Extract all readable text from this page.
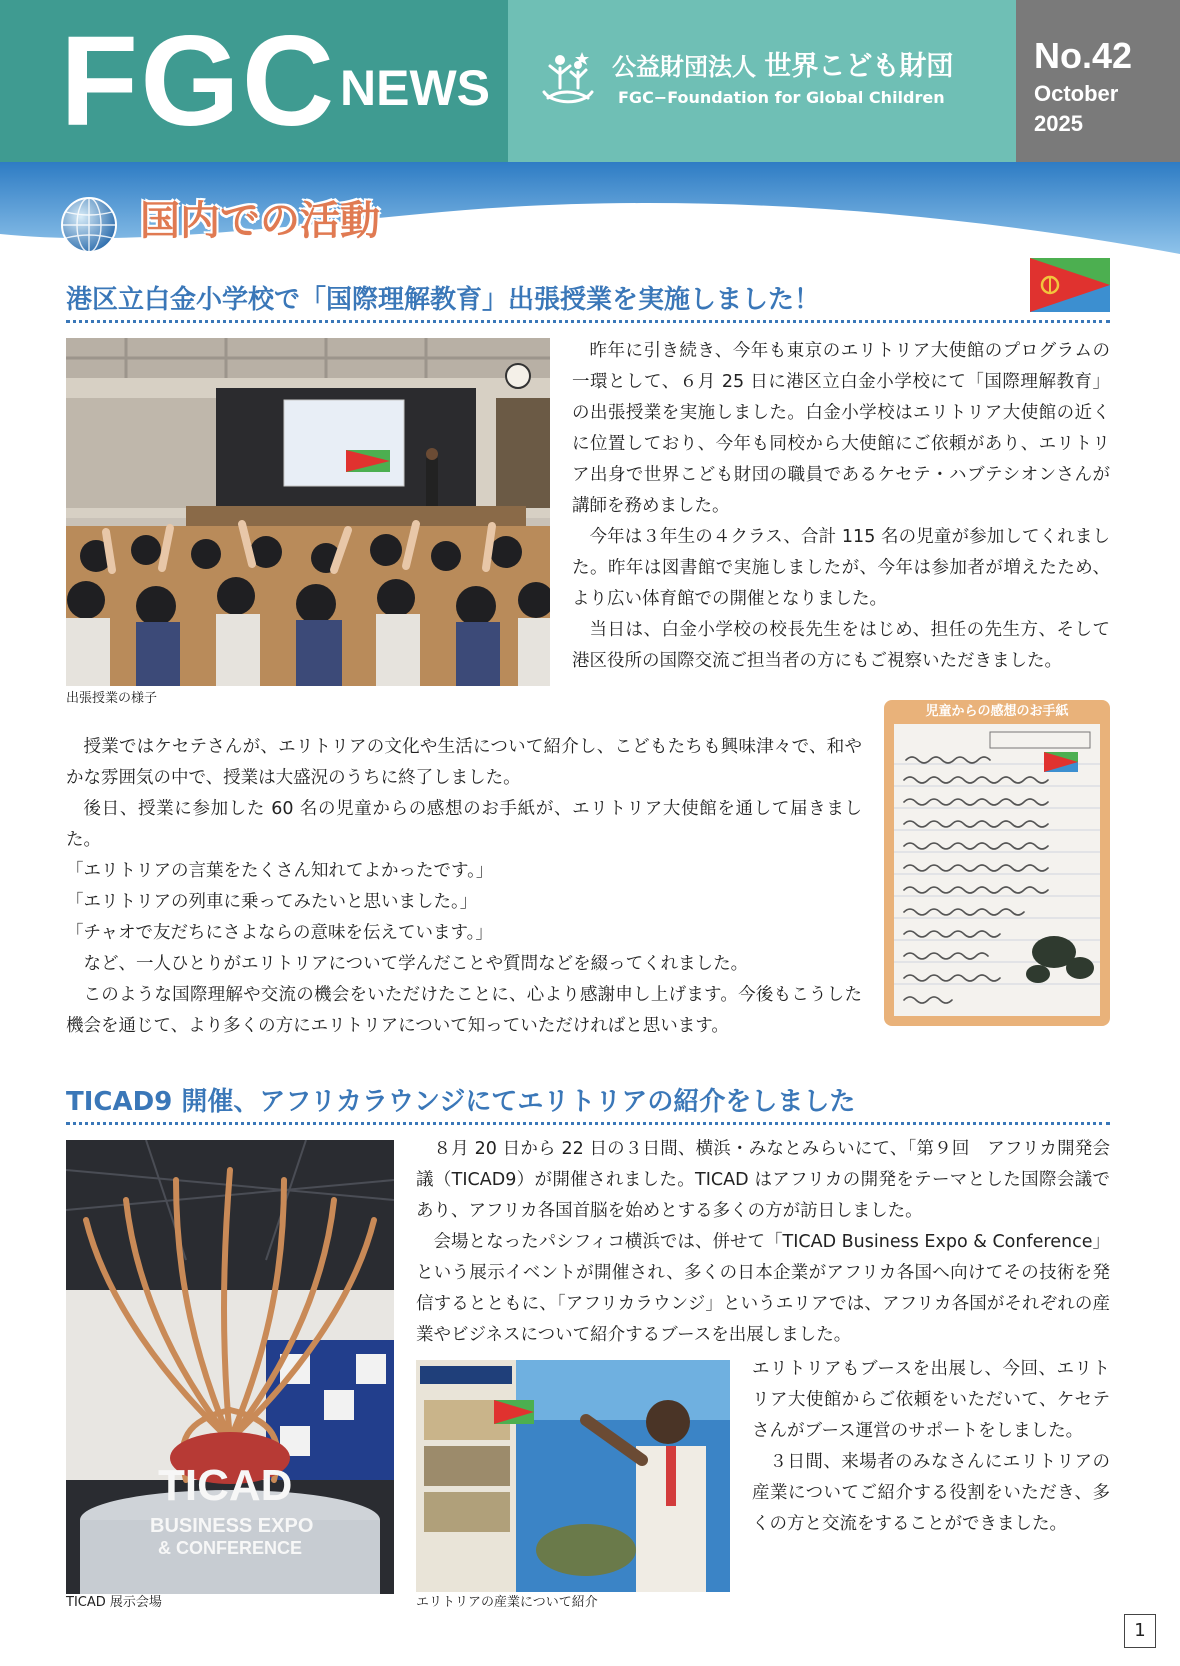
FGC NEWS	公益財団法人 世界こども財団
FGC−Foundation for Global Children
No.42
October
2025
国内での活動
港区立白金小学校で「国際理解教育」出張授業を実施しました！
出張授業の様子

昨年に引き続き、今年も東京のエリトリア大使館のプログラムの一環として、６月 25 日に港区立白金小学校にて「国際理解教育」の出張授業を実施しました。白金小学校はエリトリア大使館の近くに位置しており、今年も同校から大使館にご依頼があり、エリトリア出身で世界こども財団の職員であるケセテ・ハブテシオンさんが講師を務めました。

今年は３年生の４クラス、合計 115 名の児童が参加してくれました。昨年は図書館で実施しましたが、今年は参加者が増えたため、より広い体育館での開催となりました。

当日は、白金小学校の校長先生をはじめ、担任の先生方、そして港区役所の国際交流ご担当者の方にもご視察いただきました。

授業ではケセテさんが、エリトリアの文化や生活について紹介し、こどもたちも興味津々で、和やかな雰囲気の中で、授業は大盛況のうちに終了しました。

後日、授業に参加した 60 名の児童からの感想のお手紙が、エリトリア大使館を通して届きました。

「エリトリアの言葉をたくさん知れてよかったです。」

「エリトリアの列車に乗ってみたいと思いました。」

「チャオで友だちにさよならの意味を伝えています。」

など、一人ひとりがエリトリアについて学んだことや質問などを綴ってくれました。

このような国際理解や交流の機会をいただけたことに、心より感謝申し上げます。今後もこうした機会を通じて、より多くの方にエリトリアについて知っていただければと思います。

児童からの感想のお手紙
TICAD9 開催、アフリカラウンジにてエリトリアの紹介をしました
TICAD
BUSINESS EXPO
& CONFERENCE
TICAD 展示会場

８月 20 日から 22 日の３日間、横浜・みなとみらいにて、「第９回　アフリカ開発会議（TICAD9）が開催されました。TICAD はアフリカの開発をテーマとした国際会議であり、アフリカ各国首脳を始めとする多くの方が訪日しました。

会場となったパシフィコ横浜では、併せて「TICAD Business Expo & Conference」という展示イベントが開催され、多くの日本企業がアフリカ各国へ向けてその技術を発信するとともに、「アフリカラウンジ」というエリアでは、アフリカ各国がそれぞれの産業やビジネスについて紹介するブースを出展しました。

エリトリアの産業について紹介

エリトリアもブースを出展し、今回、エリトリア大使館からご依頼をいただいて、ケセテさんがブース運営のサポートをしました。

３日間、来場者のみなさんにエリトリアの産業についてご紹介する役割をいただき、多くの方と交流をすることができました。

1
